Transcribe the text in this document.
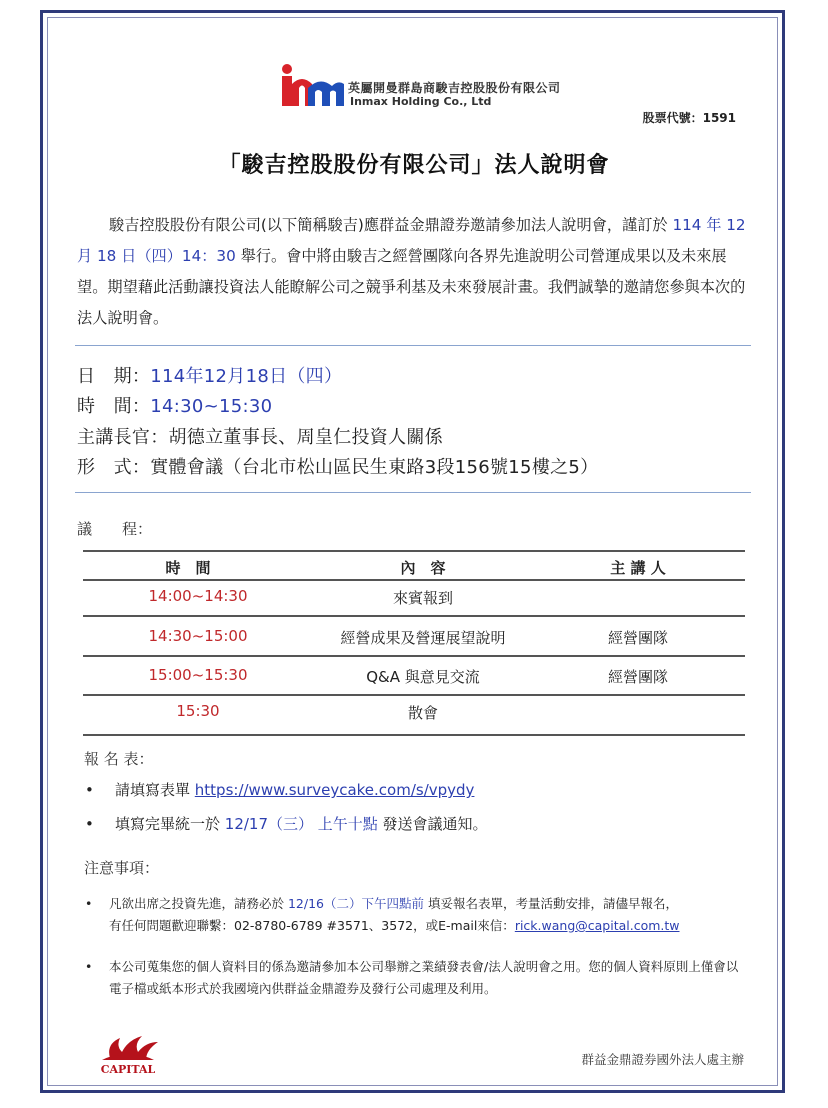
英屬開曼群島商駿吉控股股份有限公司
Inmax Holding Co., Ltd
股票代號：1591
「駿吉控股股份有限公司」法人說明會
駿吉控股股份有限公司(以下簡稱駿吉)應群益金鼎證券邀請參加法人說明會，謹訂於 114 年 12 月 18 日（四）14：30 舉行。會中將由駿吉之經營團隊向各界先進說明公司營運成果以及未來展望。期望藉此活動讓投資法人能瞭解公司之競爭利基及未來發展計畫。我們誠摯的邀請您參與本次的法人說明會。
日　期：114年12月18日（四）
時　間：14:30~15:30
主講長官：胡德立董事長、周皇仁投資人關係
形　式：實體會議（台北市松山區民生東路3段156號15樓之5）
議　　程：
時　間	內　容	主 講 人
14:00~14:30	來賓報到
14:30~15:00	經營成果及營運展望說明	經營團隊
15:00~15:30	Q&A 與意見交流	經營團隊
15:30	散會
報 名 表：
• 請填寫表單 https://www.surveycake.com/s/vpydy
• 填寫完畢統一於 12/17（三） 上午十點 發送會議通知。
注意事項：
• 凡欲出席之投資先進，請務必於 12/16（二）下午四點前 填妥報名表單，考量活動安排，請儘早報名，
有任何問題歡迎聯繫：02-8780-6789 #3571、3572，或E-mail來信：rick.wang@capital.com.tw
• 本公司蒐集您的個人資料目的係為邀請參加本公司舉辦之業績發表會/法人說明會之用。您的個人資料原則上僅會以電子檔或紙本形式於我國境內供群益金鼎證券及發行公司處理及利用。
CAPITAL
群益金鼎證券國外法人處主辦
